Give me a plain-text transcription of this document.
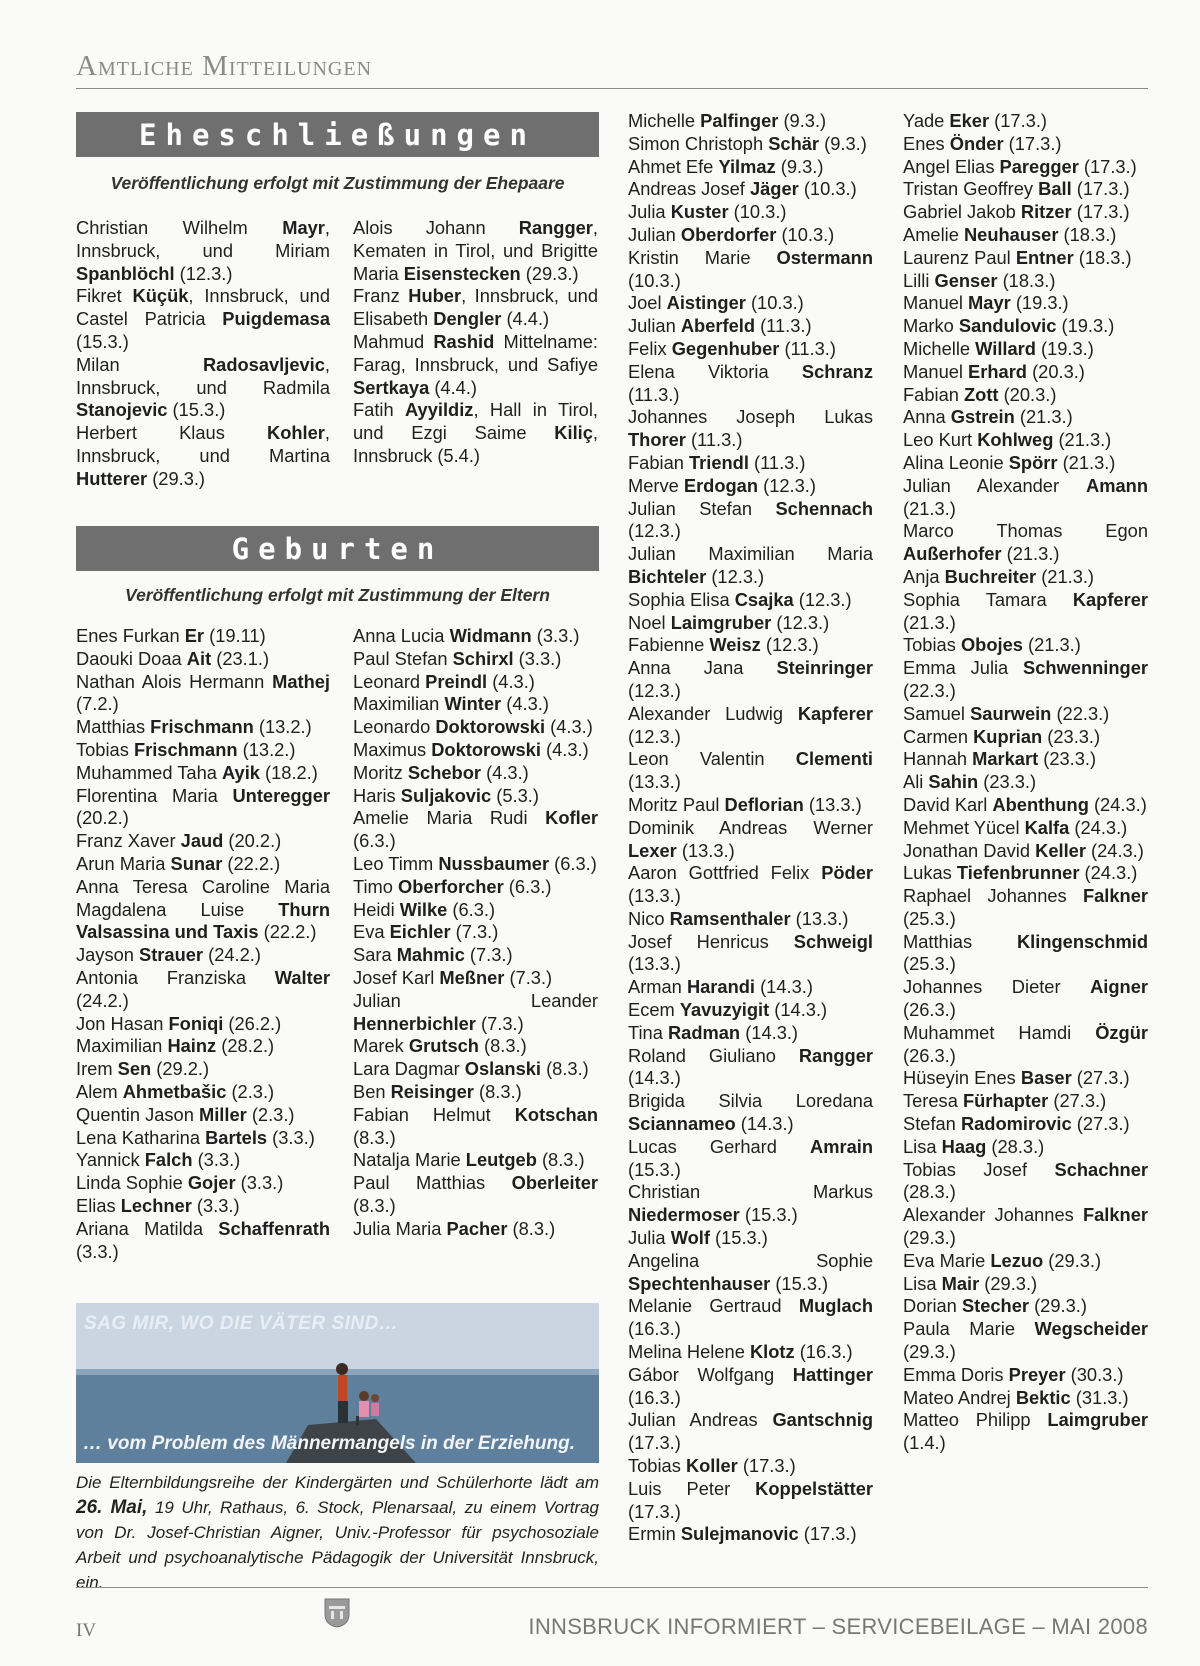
Amtliche Mitteilungen
Eheschließungen
Veröffentlichung erfolgt mit Zustimmung der Ehepaare

Christian Wilhelm Mayr, Innsbruck, und Miriam Spanblöchl (12.3.)

Fikret Küçük, Innsbruck, und Castel Patricia Puigdemasa (15.3.)

Milan Radosavljevic, Innsbruck, und Radmila Stanojevic (15.3.)

Herbert Klaus Kohler, Innsbruck, und Martina Hutterer (29.3.)

Alois Johann Rangger, Kematen in Tirol, und Brigitte Maria Eisenstecken (29.3.)

Franz Huber, Innsbruck, und Elisabeth Dengler (4.4.)

Mahmud Rashid Mittelname: Farag, Innsbruck, und Safiye Sertkaya (4.4.)

Fatih Ayyildiz, Hall in Tirol, und Ezgi Saime Kiliç, Innsbruck (5.4.)

Geburten
Veröffentlichung erfolgt mit Zustimmung der Eltern

Enes Furkan Er (19.11)

Daouki Doaa Ait (23.1.)

Nathan Alois Hermann Mathej (7.2.)

Matthias Frischmann (13.2.)

Tobias Frischmann (13.2.)

Muhammed Taha Ayik (18.2.)

Florentina Maria Unteregger (20.2.)

Franz Xaver Jaud (20.2.)

Arun Maria Sunar (22.2.)

Anna Teresa Caroline Maria Magdalena Luise Thurn Valsassina und Taxis (22.2.)

Jayson Strauer (24.2.)

Antonia Franziska Walter (24.2.)

Jon Hasan Foniqi (26.2.)

Maximilian Hainz (28.2.)

Irem Sen (29.2.)

Alem Ahmetbašic (2.3.)

Quentin Jason Miller (2.3.)

Lena Katharina Bartels (3.3.)

Yannick Falch (3.3.)

Linda Sophie Gojer (3.3.)

Elias Lechner (3.3.)

Ariana Matilda Schaffenrath (3.3.)

Anna Lucia Widmann (3.3.)

Paul Stefan Schirxl (3.3.)

Leonard Preindl (4.3.)

Maximilian Winter (4.3.)

Leonardo Doktorowski (4.3.)

Maximus Doktorowski (4.3.)

Moritz Schebor (4.3.)

Haris Suljakovic (5.3.)

Amelie Maria Rudi Kofler (6.3.)

Leo Timm Nussbaumer (6.3.)

Timo Oberforcher (6.3.)

Heidi Wilke (6.3.)

Eva Eichler (7.3.)

Sara Mahmic (7.3.)

Josef Karl Meßner (7.3.)

Julian Leander Hennerbichler (7.3.)

Marek Grutsch (8.3.)

Lara Dagmar Oslanski (8.3.)

Ben Reisinger (8.3.)

Fabian Helmut Kotschan (8.3.)

Natalja Marie Leutgeb (8.3.)

Paul Matthias Oberleiter (8.3.)

Julia Maria Pacher (8.3.)

Michelle Palfinger (9.3.)

Simon Christoph Schär (9.3.)

Ahmet Efe Yilmaz (9.3.)

Andreas Josef Jäger (10.3.)

Julia Kuster (10.3.)

Julian Oberdorfer (10.3.)

Kristin Marie Ostermann (10.3.)

Joel Aistinger (10.3.)

Julian Aberfeld (11.3.)

Felix Gegenhuber (11.3.)

Elena Viktoria Schranz (11.3.)

Johannes Joseph Lukas Thorer (11.3.)

Fabian Triendl (11.3.)

Merve Erdogan (12.3.)

Julian Stefan Schennach (12.3.)

Julian Maximilian Maria Bichteler (12.3.)

Sophia Elisa Csajka (12.3.)

Noel Laimgruber (12.3.)

Fabienne Weisz (12.3.)

Anna Jana Steinringer (12.3.)

Alexander Ludwig Kapferer (12.3.)

Leon Valentin Clementi (13.3.)

Moritz Paul Deflorian (13.3.)

Dominik Andreas Werner Lexer (13.3.)

Aaron Gottfried Felix Pöder (13.3.)

Nico Ramsenthaler (13.3.)

Josef Henricus Schweigl (13.3.)

Arman Harandi (14.3.)

Ecem Yavuzyigit (14.3.)

Tina Radman (14.3.)

Roland Giuliano Rangger (14.3.)

Brigida Silvia Loredana Sciannameo (14.3.)

Lucas Gerhard Amrain (15.3.)

Christian Markus Niedermoser (15.3.)

Julia Wolf (15.3.)

Angelina Sophie Spechtenhauser (15.3.)

Melanie Gertraud Muglach (16.3.)

Melina Helene Klotz (16.3.)

Gábor Wolfgang Hattinger (16.3.)

Julian Andreas Gantschnig (17.3.)

Tobias Koller (17.3.)

Luis Peter Koppelstätter (17.3.)

Ermin Sulejmanovic (17.3.)

Yade Eker (17.3.)

Enes Önder (17.3.)

Angel Elias Paregger (17.3.)

Tristan Geoffrey Ball (17.3.)

Gabriel Jakob Ritzer (17.3.)

Amelie Neuhauser (18.3.)

Laurenz Paul Entner (18.3.)

Lilli Genser (18.3.)

Manuel Mayr (19.3.)

Marko Sandulovic (19.3.)

Michelle Willard (19.3.)

Manuel Erhard (20.3.)

Fabian Zott (20.3.)

Anna Gstrein (21.3.)

Leo Kurt Kohlweg (21.3.)

Alina Leonie Spörr (21.3.)

Julian Alexander Amann (21.3.)

Marco Thomas Egon Außerhofer (21.3.)

Anja Buchreiter (21.3.)

Sophia Tamara Kapferer (21.3.)

Tobias Obojes (21.3.)

Emma Julia Schwenninger (22.3.)

Samuel Saurwein (22.3.)

Carmen Kuprian (23.3.)

Hannah Markart (23.3.)

Ali Sahin (23.3.)

David Karl Abenthung (24.3.)

Mehmet Yücel Kalfa (24.3.)

Jonathan David Keller (24.3.)

Lukas Tiefenbrunner (24.3.)

Raphael Johannes Falkner (25.3.)

Matthias Klingenschmid (25.3.)

Johannes Dieter Aigner (26.3.)

Muhammet Hamdi Özgür (26.3.)

Hüseyin Enes Baser (27.3.)

Teresa Fürhapter (27.3.)

Stefan Radomirovic (27.3.)

Lisa Haag (28.3.)

Tobias Josef Schachner (28.3.)

Alexander Johannes Falkner (29.3.)

Eva Marie Lezuo (29.3.)

Lisa Mair (29.3.)

Dorian Stecher (29.3.)

Paula Marie Wegscheider (29.3.)

Emma Doris Preyer (30.3.)

Mateo Andrej Bektic (31.3.)

Matteo Philipp Laimgruber (1.4.)

SAG MIR, WO DIE VÄTER SIND…
… vom Problem des Männermangels in der Erziehung.
Die Elternbildungsreihe der Kindergärten und Schülerhorte lädt am 26. Mai, 19 Uhr, Rathaus, 6. Stock, Plenarsaal, zu einem Vortrag von Dr. Josef-Christian Aigner, Univ.-Professor für psychosoziale Arbeit und psychoanalytische Pädagogik der Universität Innsbruck, ein.
IV	INNSBRUCK INFORMIERT – SERVICEBEILAGE – MAI 2008
